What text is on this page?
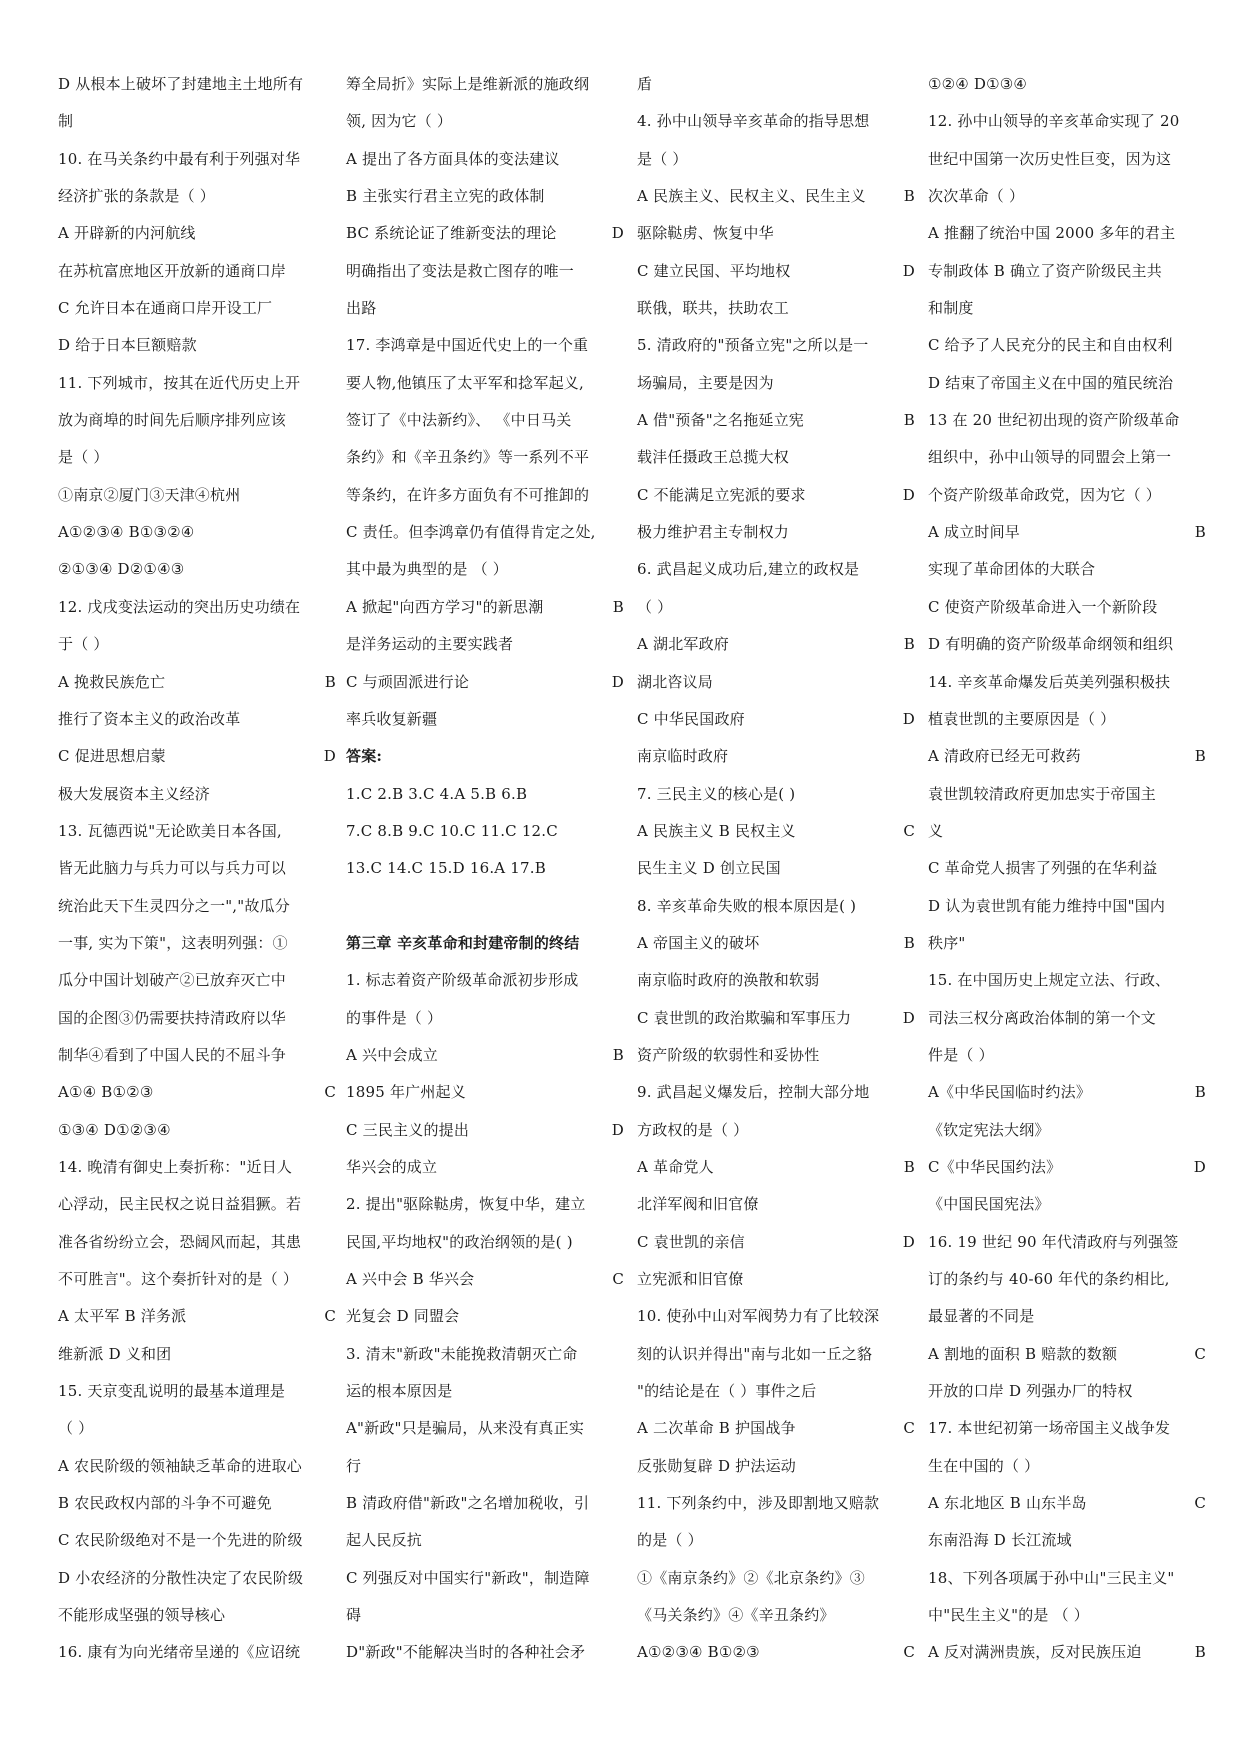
D 从根本上破坏了封建地主土地所有
制
10. 在马关条约中最有利于列强对华
经济扩张的条款是（ ）
A 开辟新的内河航线
在苏杭富庶地区开放新的通商口岸
C 允许日本在通商口岸开设工厂
D 给于日本巨额赔款
11. 下列城市，按其在近代历史上开
放为商埠的时间先后顺序排列应该
是（ ）
①南京②厦门③天津④杭州
A①②③④ B①③②④
②①③④ D②①④③
12. 戊戌变法运动的突出历史功绩在
于（ ）
A 挽救民族危亡	B
推行了资本主义的政治改革
C 促进思想启蒙	D
极大发展资本主义经济
13. 瓦德西说"无论欧美日本各国,
皆无此脑力与兵力可以与兵力可以
统治此天下生灵四分之一","故瓜分
一事, 实为下策"，这表明列强：①
瓜分中国计划破产②已放弃灭亡中
国的企图③仍需要扶持清政府以华
制华④看到了中国人民的不屈斗争
A①④ B①②③	C
①③④ D①②③④
14. 晚清有御史上奏折称："近日人
心浮动，民主民权之说日益猖獗。若
准各省纷纷立会，恐阔风而起，其患
不可胜言"。这个奏折针对的是（ ）
A 太平军 B 洋务派	C
维新派 D 义和团
15. 天京变乱说明的最基本道理是
（ ）
A 农民阶级的领袖缺乏革命的进取心
B 农民政权内部的斗争不可避免
C 农民阶级绝对不是一个先进的阶级
D 小农经济的分散性决定了农民阶级
不能形成坚强的领导核心
16. 康有为向光绪帝呈递的《应诏统
筹全局折》实际上是维新派的施政纲
领, 因为它（ ）
A 提出了各方面具体的变法建议
B 主张实行君主立宪的政体制
BC 系统论证了维新变法的理论	D
明确指出了变法是救亡图存的唯一
出路
17. 李鸿章是中国近代史上的一个重
要人物,他镇压了太平军和捻军起义,
签订了《中法新约》、 《中日马关
条约》和《辛丑条约》等一系列不平
等条约，在许多方面负有不可推卸的
C 责任。但李鸿章仍有值得肯定之处,
其中最为典型的是 （ ）
A 掀起"向西方学习"的新思潮	B
是洋务运动的主要实践者
C 与顽固派进行论	D
率兵收复新疆
答案:
1.C 2.B 3.C 4.A 5.B 6.B
7.C 8.B 9.C 10.C 11.C 12.C
13.C 14.C 15.D 16.A 17.B
第三章 辛亥革命和封建帝制的终结
1. 标志着资产阶级革命派初步形成
的事件是（ ）
A 兴中会成立	B
1895 年广州起义
C 三民主义的提出	D
华兴会的成立
2. 提出"驱除鞑虏，恢复中华，建立
民国,平均地权"的政治纲领的是( )
A 兴中会 B 华兴会	C
光复会 D 同盟会
3. 清末"新政"未能挽救清朝灭亡命
运的根本原因是
A"新政"只是骗局，从来没有真正实
行
B 清政府借"新政"之名增加税收，引
起人民反抗
C 列强反对中国实行"新政"，制造障
碍
D"新政"不能解决当时的各种社会矛
盾
4. 孙中山领导辛亥革命的指导思想
是（ ）
A 民族主义、民权主义、民生主义	B
驱除鞑虏、恢复中华
C 建立民国、平均地权	D
联俄，联共，扶助农工
5. 清政府的"预备立宪"之所以是一
场骗局，主要是因为
A 借"预备"之名拖延立宪	B
载沣任摄政王总揽大权
C 不能满足立宪派的要求	D
极力维护君主专制权力
6. 武昌起义成功后,建立的政权是
（ ）
A 湖北军政府	B
湖北咨议局
C 中华民国政府	D
南京临时政府
7. 三民主义的核心是( )
A 民族主义 B 民权主义	C
民生主义 D 创立民国
8. 辛亥革命失败的根本原因是( )
A 帝国主义的破坏	B
南京临时政府的涣散和软弱
C 袁世凯的政治欺骗和军事压力	D
资产阶级的软弱性和妥协性
9. 武昌起义爆发后，控制大部分地
方政权的是（ ）
A 革命党人	B
北洋军阀和旧官僚
C 袁世凯的亲信	D
立宪派和旧官僚
10. 使孙中山对军阀势力有了比较深
刻的认识并得出"南与北如一丘之貉
"的结论是在（ ）事件之后
A 二次革命 B 护国战争	C
反张勋复辟 D 护法运动
11. 下列条约中，涉及即割地又赔款
的是（ ）
①《南京条约》②《北京条约》③
《马关条约》④《辛丑条约》
A①②③④ B①②③	C
①②④ D①③④
12. 孙中山领导的辛亥革命实现了 20
世纪中国第一次历史性巨变，因为这
次次革命（ ）
A 推翻了统治中国 2000 多年的君主
专制政体 B 确立了资产阶级民主共
和制度
C 给予了人民充分的民主和自由权利
D 结束了帝国主义在中国的殖民统治
13 在 20 世纪初出现的资产阶级革命
组织中，孙中山领导的同盟会上第一
个资产阶级革命政党，因为它（ ）
A 成立时间早	B
实现了革命团体的大联合
C 使资产阶级革命进入一个新阶段
D 有明确的资产阶级革命纲领和组织
14. 辛亥革命爆发后英美列强积极扶
植袁世凯的主要原因是（ ）
A 清政府已经无可救药	B
袁世凯较清政府更加忠实于帝国主
义
C 革命党人损害了列强的在华利益
D 认为袁世凯有能力维持中国"国内
秩序"
15. 在中国历史上规定立法、行政、
司法三权分离政治体制的第一个文
件是（ ）
A《中华民国临时约法》	B
《钦定宪法大纲》
C《中华民国约法》	D
《中国民国宪法》
16. 19 世纪 90 年代清政府与列强签
订的条约与 40-60 年代的条约相比,
最显著的不同是
A 割地的面积 B 赔款的数额	C
开放的口岸 D 列强办厂的特权
17. 本世纪初第一场帝国主义战争发
生在中国的（ ）
A 东北地区 B 山东半岛	C
东南沿海 D 长江流域
18、下列各项属于孙中山"三民主义"
中"民生主义"的是 （ ）
A 反对满洲贵族，反对民族压迫	B
